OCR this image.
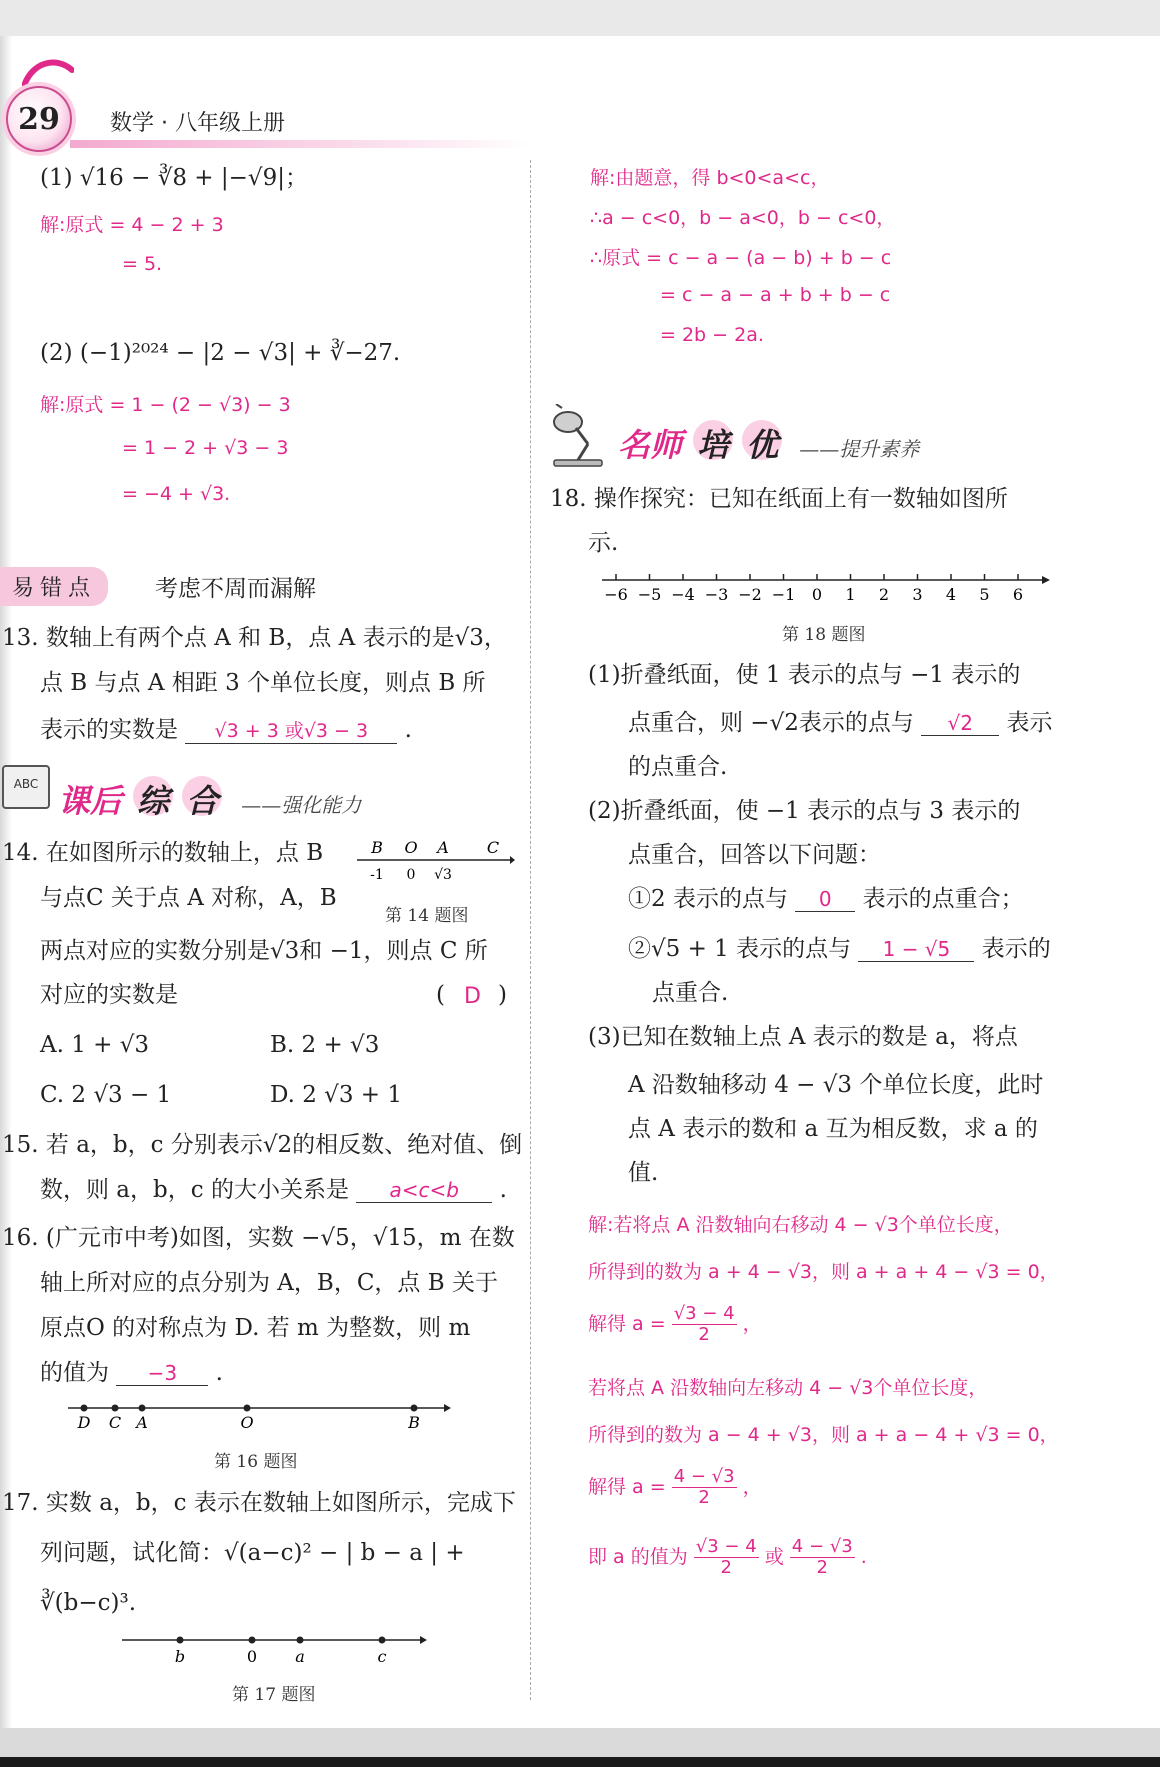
29	数学 · 八年级上册
(1) √16 − ∛8 + |−√9|；
解:原式 = 4 − 2 + 3
= 5.
(2) (−1)²⁰²⁴ − |2 − √3| + ∛−27.
解:原式 = 1 − (2 − √3) − 3
= 1 − 2 + √3 − 3
= −4 + √3.
易错点	考虑不周而漏解
13. 数轴上有两个点 A 和 B，点 A 表示的是√3，
点 B 与点 A 相距 3 个单位长度，则点 B 所
表示的实数是 √3 + 3 或√3 − 3 .
ABC 课后 综 合 ——强化能力
14. 在如图所示的数轴上，点 B
与点C 关于点 A 对称，A，B
B O A C
-1 0 √3
第 14 题图
两点对应的实数分别是√3和 −1，则点 C 所
对应的实数是	( D )
A. 1 + √3	B. 2 + √3
C. 2 √3 − 1	D. 2 √3 + 1
15. 若 a，b，c 分别表示√2的相反数、绝对值、倒
数，则 a，b，c 的大小关系是 a<c<b .
16. (广元市中考)如图，实数 −√5，√15，m 在数
轴上所对应的点分别为 A，B，C，点 B 关于
原点O 的对称点为 D. 若 m 为整数，则 m
的值为 −3 .
D C A	O	B
第 16 题图
17. 实数 a，b，c 表示在数轴上如图所示，完成下
列问题，试化简：√(a−c)² − | b − a | +
∛(b−c)³.
b	0 a	c
第 17 题图
解:由题意，得 b<0<a<c，
∴a − c<0，b − a<0，b − c<0，
∴原式 = c − a − (a − b) + b − c
= c − a − a + b + b − c
= 2b − 2a.
名师 培 优 ——提升素养
18. 操作探究：已知在纸面上有一数轴如图所
示.
−6 −5 −4 −3 −2 −1 0 1 2 3 4 5 6
第 18 题图
(1)折叠纸面，使 1 表示的点与 −1 表示的
点重合，则 −√2表示的点与 √2 表示
的点重合.
(2)折叠纸面，使 −1 表示的点与 3 表示的
点重合，回答以下问题：
①2 表示的点与 0 表示的点重合；
②√5 + 1 表示的点与 1 − √5 表示的
点重合.
(3)已知在数轴上点 A 表示的数是 a，将点
A 沿数轴移动 4 − √3 个单位长度，此时
点 A 表示的数和 a 互为相反数，求 a 的
值.
解:若将点 A 沿数轴向右移动 4 − √3个单位长度，
所得到的数为 a + 4 − √3，则 a + a + 4 − √3 = 0，
解得 $a = \frac{√3 - 4}{2}$ ，
若将点 A 沿数轴向左移动 4 − √3个单位长度，
所得到的数为 a − 4 + √3，则 a + a − 4 + √3 = 0，
解得 $a = \frac{4 - √3}{2}$ ，
即 a 的值为 $\frac{√3 - 4}{2}$ 或 $\frac{4 - √3}{2}$ .
